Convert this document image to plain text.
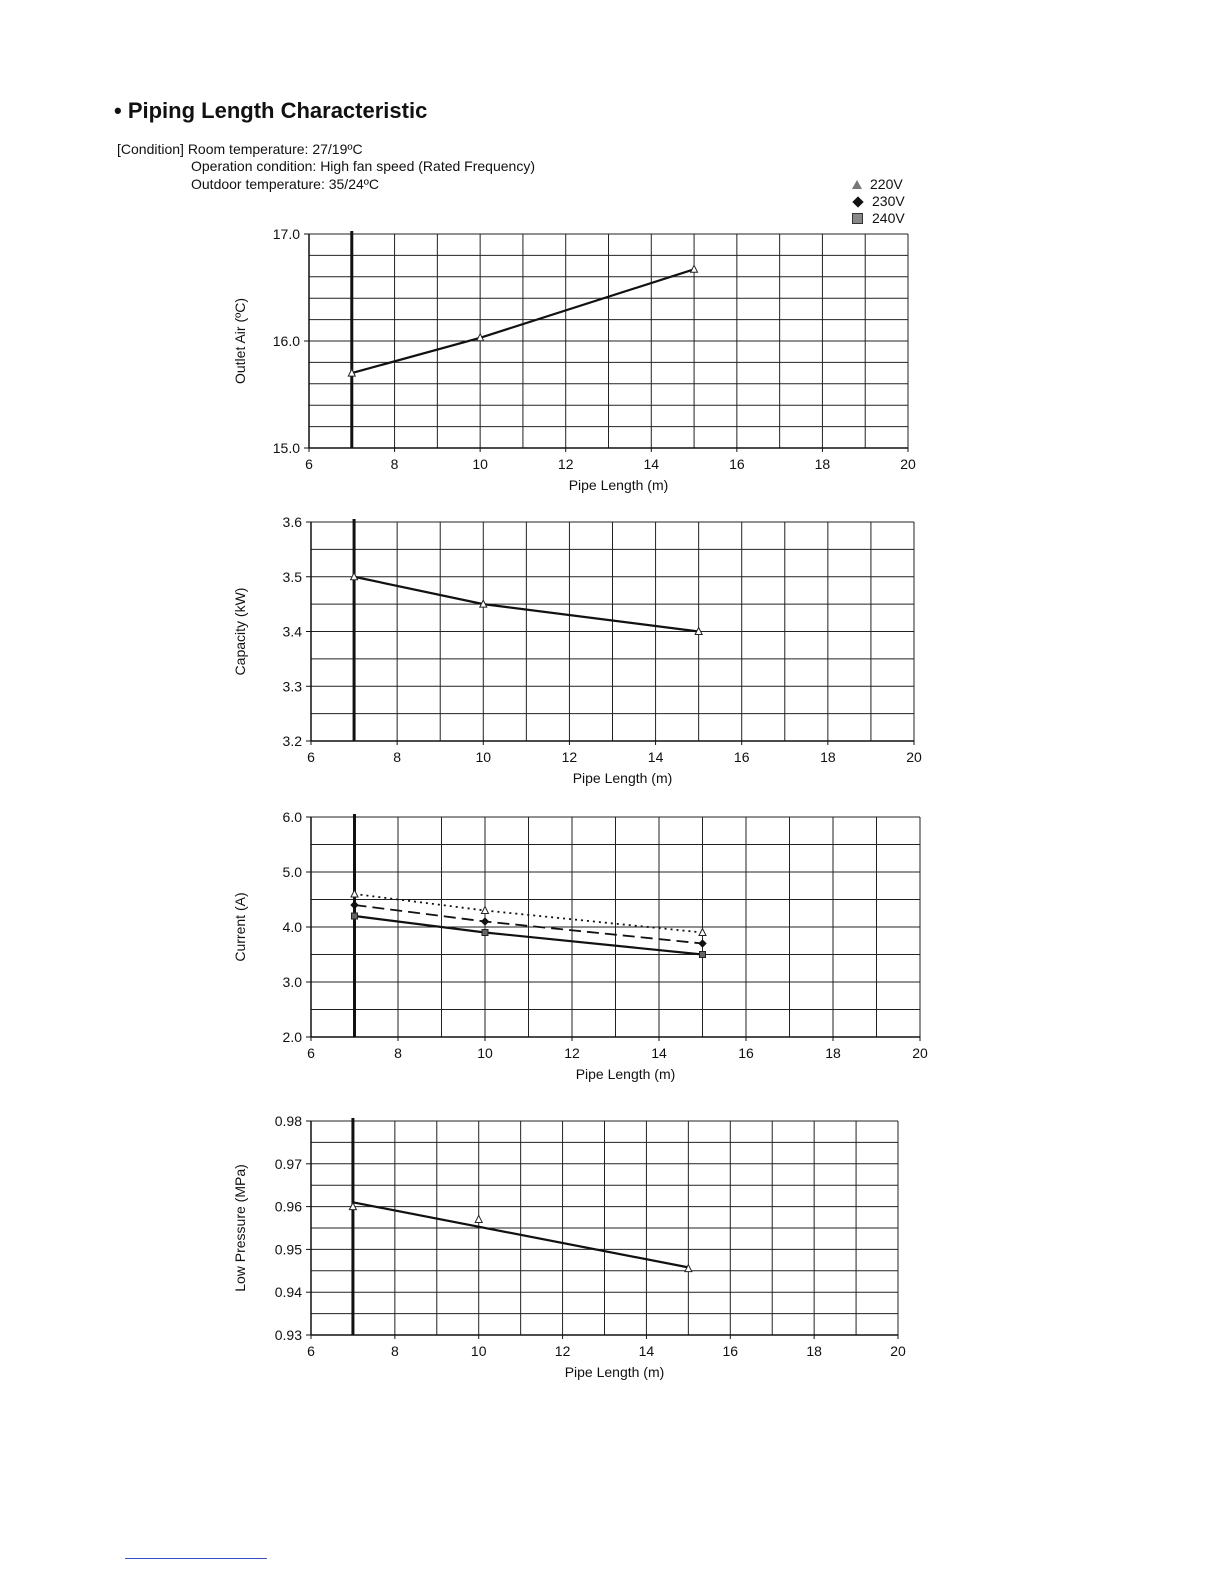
• Piping Length Characteristic
[Condition] Room temperature: 27/19ºC
Operation condition: High fan speed (Rated Frequency)
Outdoor temperature: 35/24ºC	220V
230V
240V
6	8	10	12	14	16	18	20
15.0
16.0
17.0
Pipe Length (m)
Outlet Air (ºC)
6	8	10	12	14	16	18	20
3.2
3.3
3.4
3.5
3.6
Pipe Length (m)
Capacity (kW)
6	8	10	12	14	16	18	20
2.0
3.0
4.0
5.0
6.0
Pipe Length (m)
Current (A)
6	8	10	12	14	16	18	20
0.93
0.94
0.95
0.96
0.97
0.98
Pipe Length (m)
Low Pressure (MPa)
